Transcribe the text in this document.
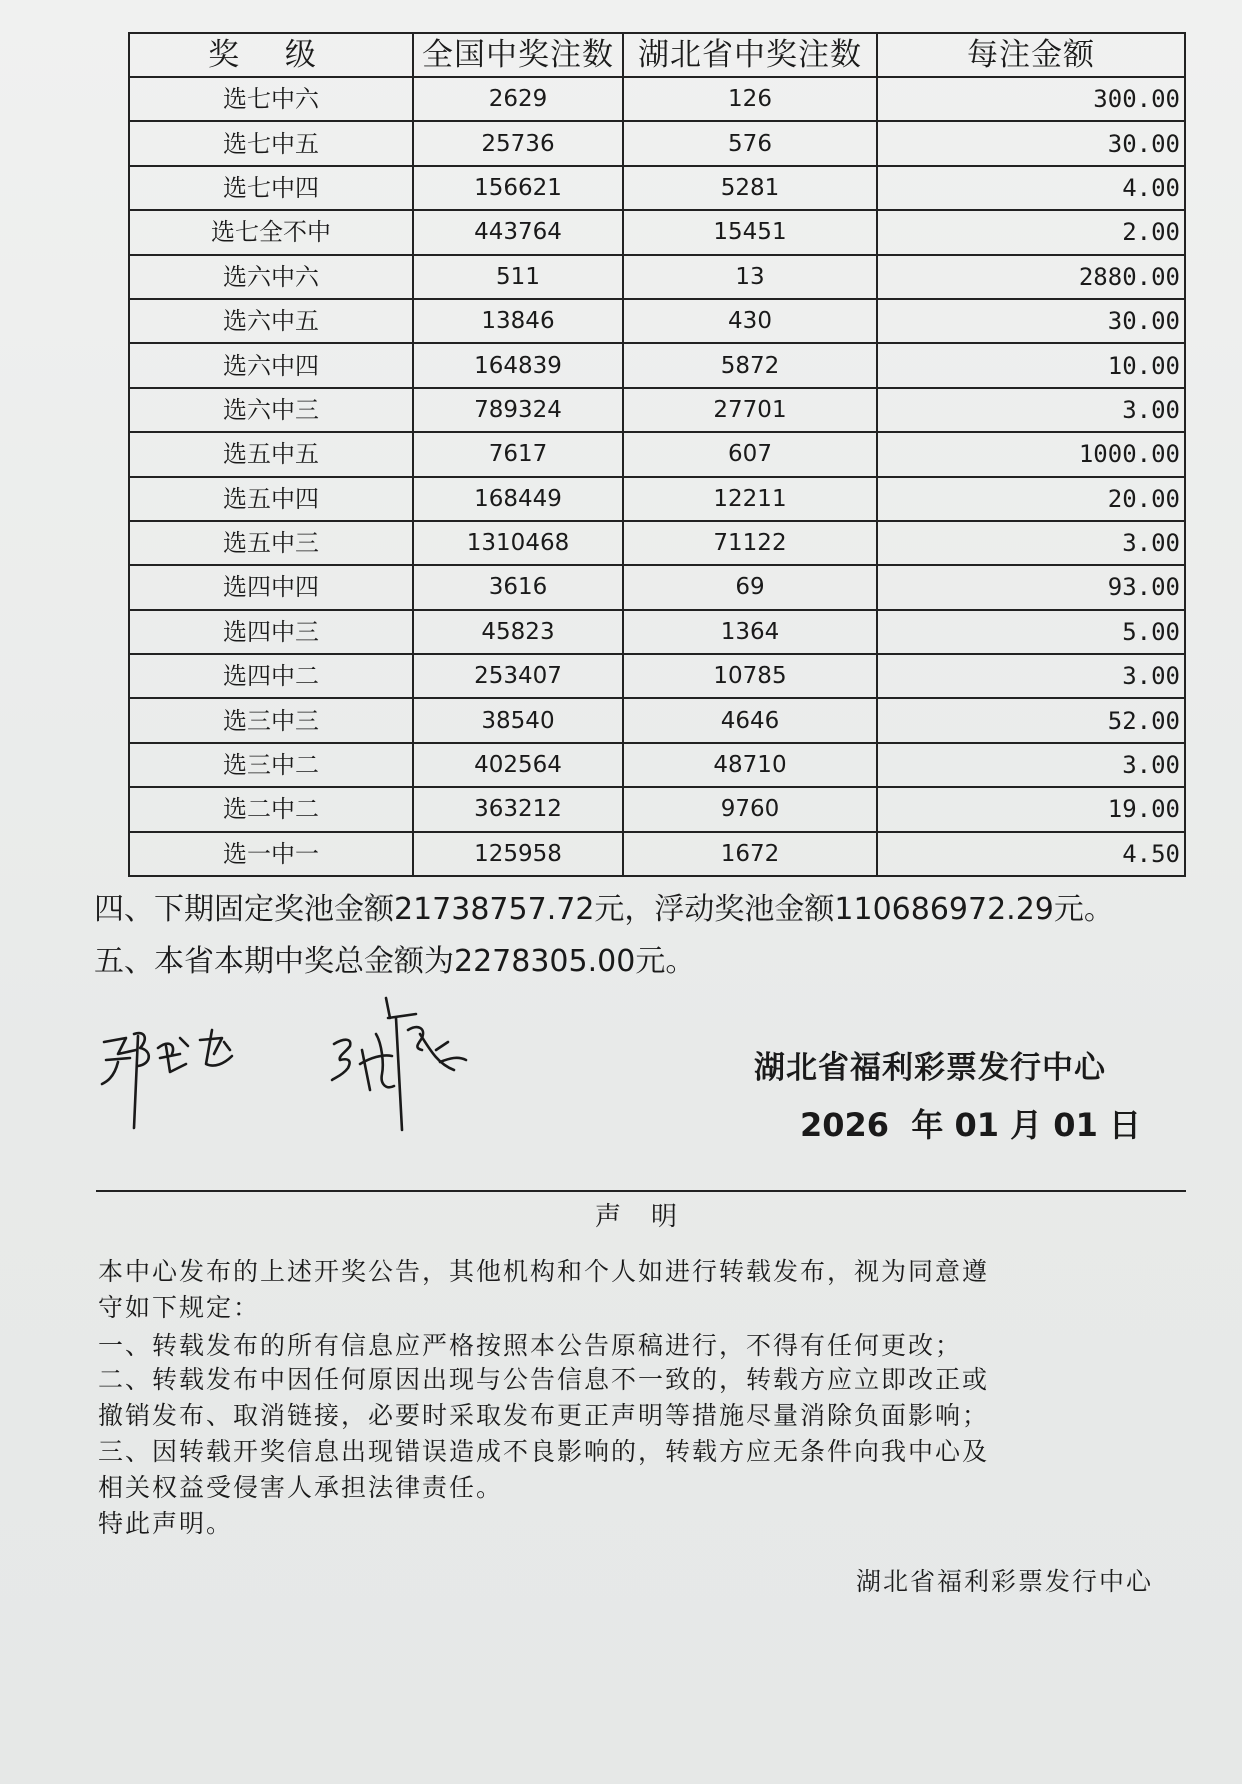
奖 级	全国中奖注数	湖北省中奖注数	每注金额
选七中六	2629	126	300.00
选七中五	25736	576	30.00
选七中四	156621	5281	4.00
选七全不中	443764	15451	2.00
选六中六	511	13	2880.00
选六中五	13846	430	30.00
选六中四	164839	5872	10.00
选六中三	789324	27701	3.00
选五中五	7617	607	1000.00
选五中四	168449	12211	20.00
选五中三	1310468	71122	3.00
选四中四	3616	69	93.00
选四中三	45823	1364	5.00
选四中二	253407	10785	3.00
选三中三	38540	4646	52.00
选三中二	402564	48710	3.00
选二中二	363212	9760	19.00
选一中一	125958	1672	4.50
四、下期固定奖池金额21738757.72元，浮动奖池金额110686972.29元。
五、本省本期中奖总金额为2278305.00元。
湖北省福利彩票发行中心
2026  年 01 月 01 日
声明
本中心发布的上述开奖公告，其他机构和个人如进行转载发布，视为同意遵
守如下规定：
一、转载发布的所有信息应严格按照本公告原稿进行，不得有任何更改；
二、转载发布中因任何原因出现与公告信息不一致的，转载方应立即改正或
撤销发布、取消链接，必要时采取发布更正声明等措施尽量消除负面影响；
三、因转载开奖信息出现错误造成不良影响的，转载方应无条件向我中心及
相关权益受侵害人承担法律责任。
特此声明。
湖北省福利彩票发行中心
